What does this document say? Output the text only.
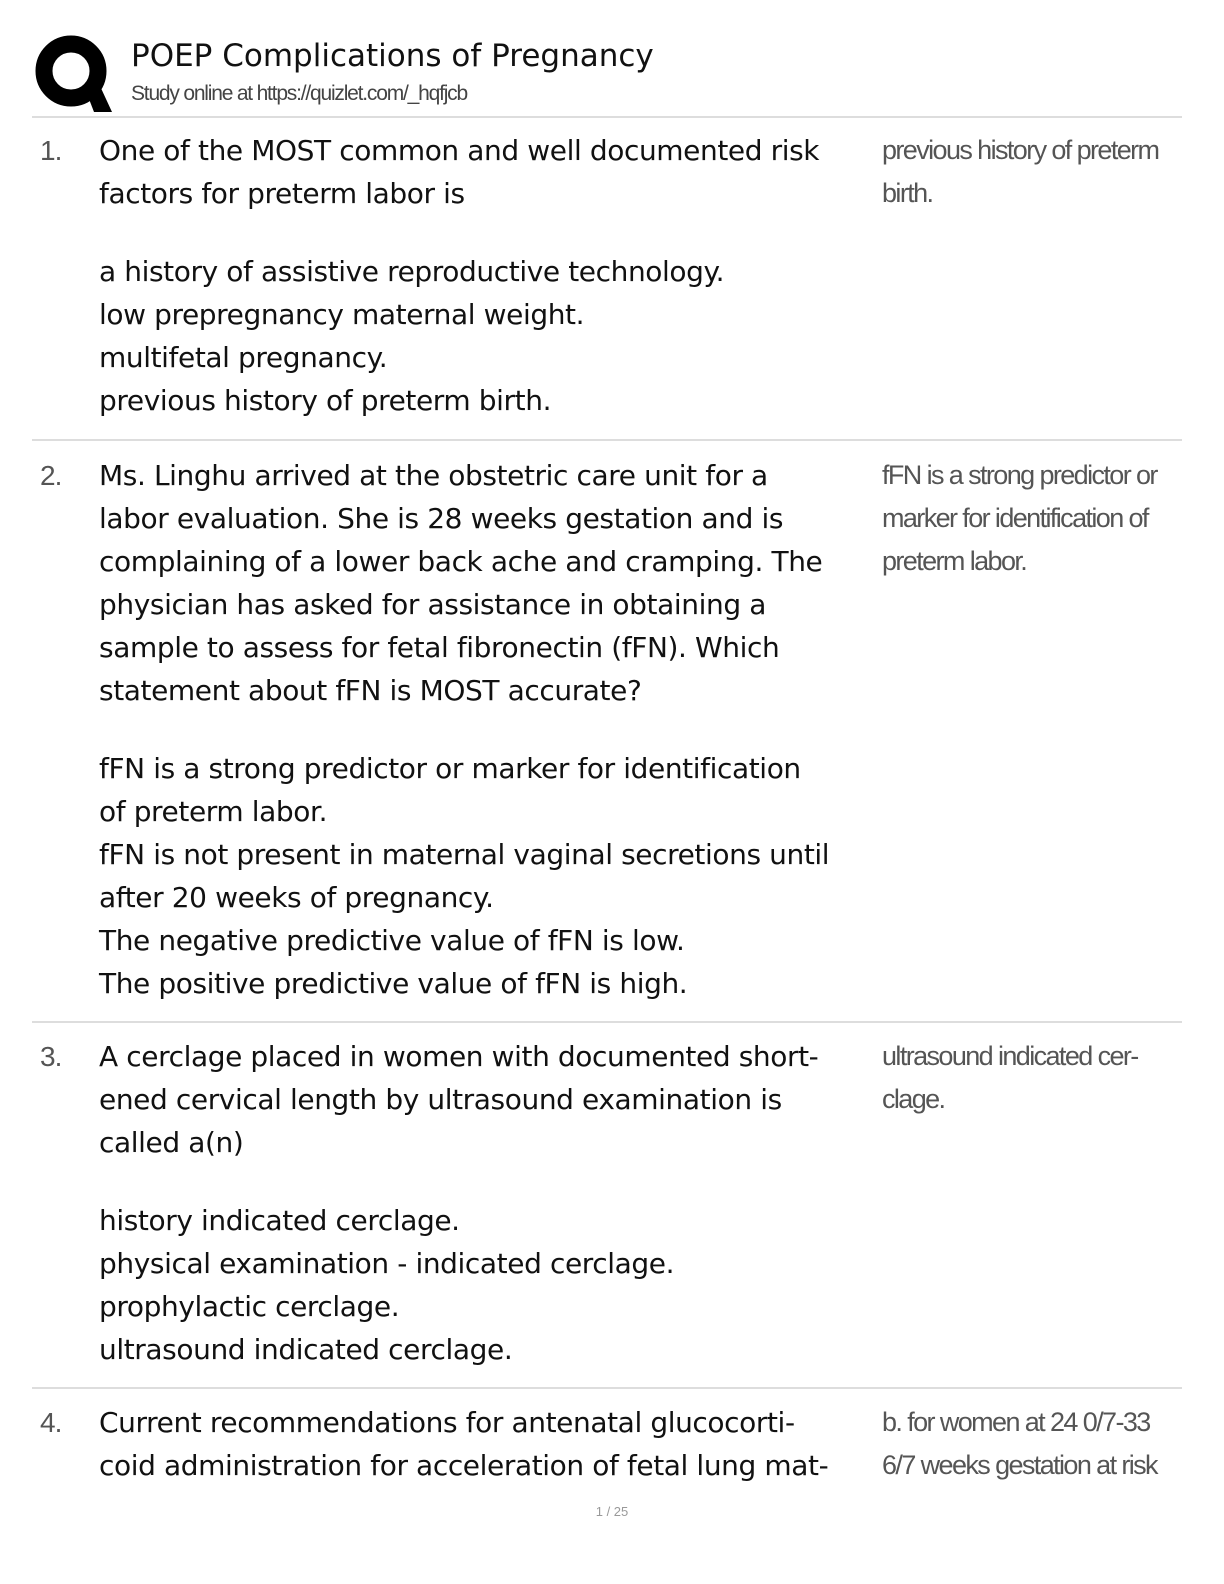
POEP Complications of Pregnancy
Study online at https://quizlet.com/_hqfjcb
1. One of the MOST common and well documented risk
factors for preterm labor is
a history of assistive reproductive technology.
low prepregnancy maternal weight.
multifetal pregnancy.
previous history of preterm birth.
previous history of preterm
birth.
2. Ms. Linghu arrived at the obstetric care unit for a
labor evaluation. She is 28 weeks gestation and is
complaining of a lower back ache and cramping. The
physician has asked for assistance in obtaining a
sample to assess for fetal fibronectin (fFN). Which
statement about fFN is MOST accurate?
fFN is a strong predictor or marker for identification
of preterm labor.
fFN is not present in maternal vaginal secretions until
after 20 weeks of pregnancy.
The negative predictive value of fFN is low.
The positive predictive value of fFN is high.
fFN is a strong predictor or
marker for identification of
preterm labor.
3. A cerclage placed in women with documented short-
ened cervical length by ultrasound examination is
called a(n)
history indicated cerclage.
physical examination - indicated cerclage.
prophylactic cerclage.
ultrasound indicated cerclage.
ultrasound indicated cer-
clage.
4. Current recommendations for antenatal glucocorti-
coid administration for acceleration of fetal lung mat-
b. for women at 24 0/7-33
6/7 weeks gestation at risk
1 / 25
